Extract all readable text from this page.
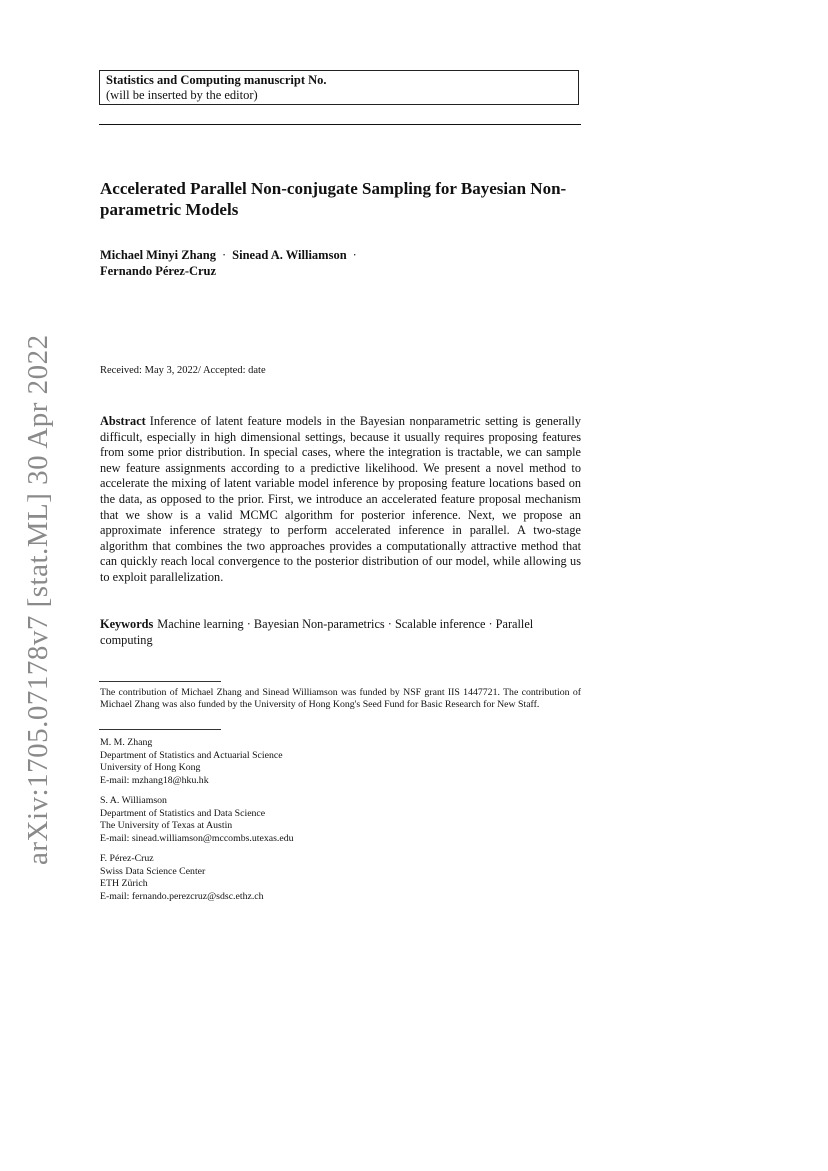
Statistics and Computing manuscript No.
(will be inserted by the editor)
Accelerated Parallel Non-conjugate Sampling for Bayesian Non-parametric Models
Michael Minyi Zhang · Sinead A. Williamson ·
Fernando Pérez-Cruz
Received: May 3, 2022/ Accepted: date

Abstract Inference of latent feature models in the Bayesian nonparametric setting is generally difficult, especially in high dimensional settings, because it usually requires proposing features from some prior distribution. In special cases, where the integration is tractable, we can sample new feature assignments according to a predictive likelihood. We present a novel method to accelerate the mixing of latent variable model inference by proposing feature locations based on the data, as opposed to the prior. First, we introduce an accelerated feature proposal mechanism that we show is a valid MCMC algorithm for posterior inference. Next, we propose an approximate inference strategy to perform accelerated inference in parallel. A two-stage algorithm that combines the two approaches provides a computationally attractive method that can quickly reach local convergence to the posterior distribution of our model, while allowing us to exploit parallelization.

Keywords Machine learning · Bayesian Non-parametrics · Scalable inference · Parallel computing

The contribution of Michael Zhang and Sinead Williamson was funded by NSF grant IIS 1447721. The contribution of Michael Zhang was also funded by the University of Hong Kong's Seed Fund for Basic Research for New Staff.

M. M. Zhang
Department of Statistics and Actuarial Science
University of Hong Kong
E-mail: mzhang18@hku.hk
S. A. Williamson
Department of Statistics and Data Science
The University of Texas at Austin
E-mail: sinead.williamson@mccombs.utexas.edu
F. Pérez-Cruz
Swiss Data Science Center
ETH Zürich
E-mail: fernando.perezcruz@sdsc.ethz.ch
arXiv:1705.07178v7 [stat.ML] 30 Apr 2022
